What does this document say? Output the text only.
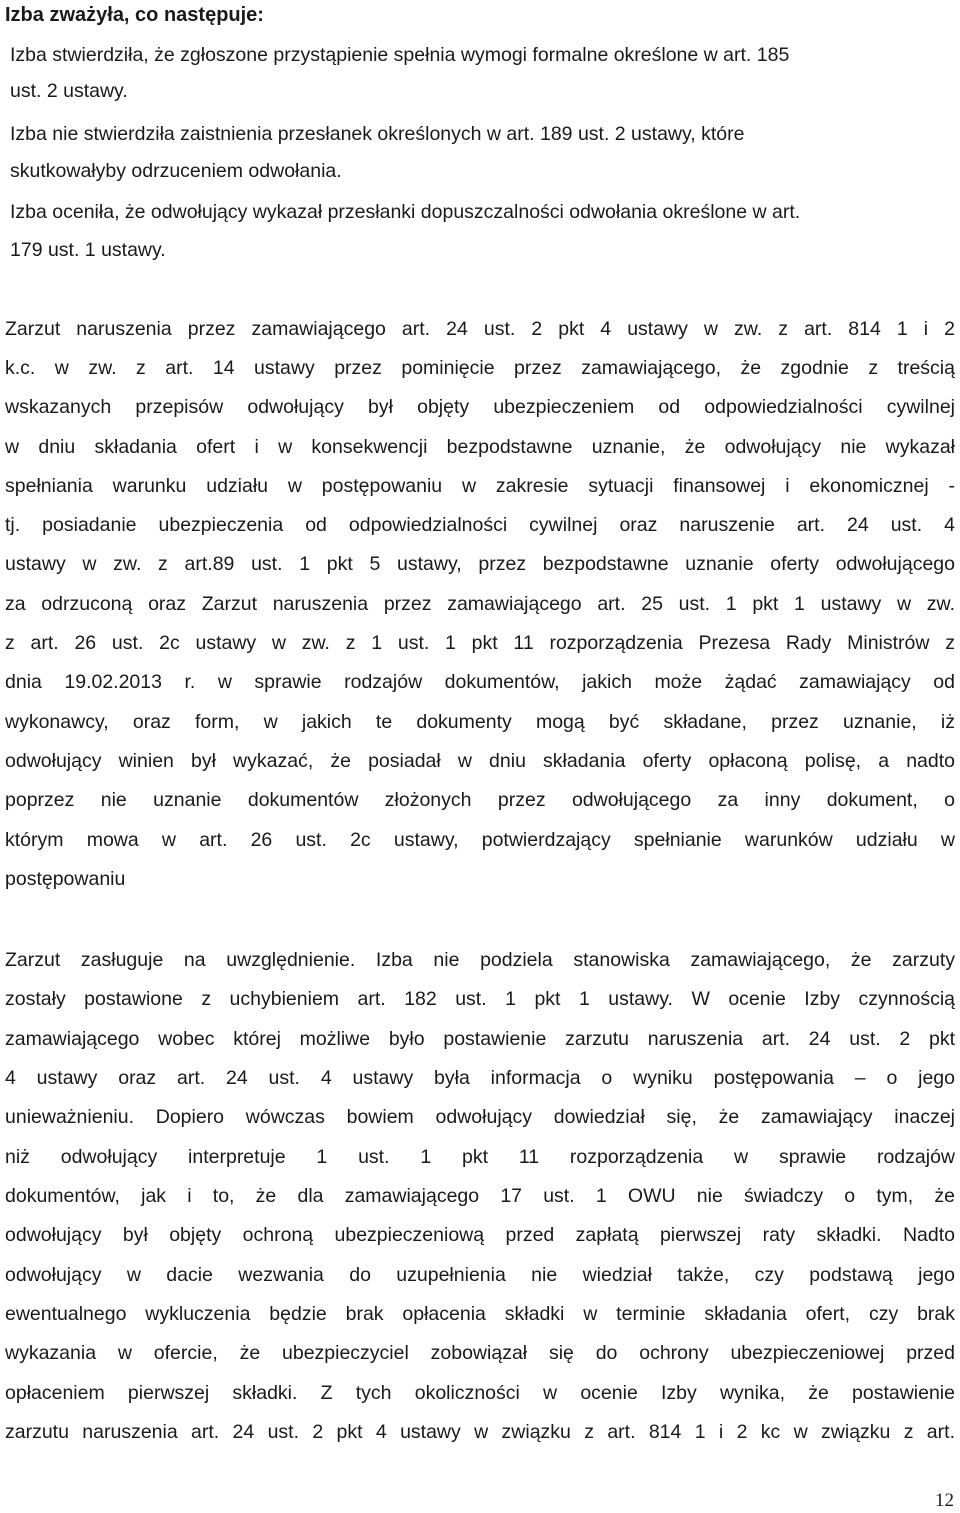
Izba zważyła, co następuje:
Izba stwierdziła, że zgłoszone przystąpienie spełnia wymogi formalne określone w art. 185
ust. 2 ustawy.
Izba nie stwierdziła zaistnienia przesłanek określonych w art. 189 ust. 2 ustawy, które
skutkowałyby odrzuceniem odwołania.
Izba oceniła, że odwołujący wykazał przesłanki dopuszczalności odwołania określone w art.
179 ust. 1 ustawy.
Zarzut naruszenia przez zamawiającego art. 24 ust. 2 pkt 4 ustawy w zw. z art. 814 1 i 2
k.c. w zw. z art. 14 ustawy przez pominięcie przez zamawiającego, że zgodnie z treścią
wskazanych przepisów odwołujący był objęty ubezpieczeniem od odpowiedzialności cywilnej
w dniu składania ofert i w konsekwencji bezpodstawne uznanie, że odwołujący nie wykazał
spełniania warunku udziału w postępowaniu w zakresie sytuacji finansowej i ekonomicznej -
tj. posiadanie ubezpieczenia od odpowiedzialności cywilnej oraz naruszenie art. 24 ust. 4
ustawy w zw. z art.89 ust. 1 pkt 5 ustawy, przez bezpodstawne uznanie oferty odwołującego
za odrzuconą oraz Zarzut naruszenia przez zamawiającego art. 25 ust. 1 pkt 1 ustawy w zw.
z art. 26 ust. 2c ustawy w zw. z 1 ust. 1 pkt 11 rozporządzenia Prezesa Rady Ministrów z
dnia 19.02.2013 r. w sprawie rodzajów dokumentów, jakich może żądać zamawiający od
wykonawcy, oraz form, w jakich te dokumenty mogą być składane, przez uznanie, iż
odwołujący winien był wykazać, że posiadał w dniu składania oferty opłaconą polisę, a nadto
poprzez nie uznanie dokumentów złożonych przez odwołującego za inny dokument, o
którym mowa w art. 26 ust. 2c ustawy, potwierdzający spełnianie warunków udziału w
postępowaniu
Zarzut zasługuje na uwzględnienie. Izba nie podziela stanowiska zamawiającego, że zarzuty
zostały postawione z uchybieniem art. 182 ust. 1 pkt 1 ustawy. W ocenie Izby czynnością
zamawiającego wobec której możliwe było postawienie zarzutu naruszenia art. 24 ust. 2 pkt
4 ustawy oraz art. 24 ust. 4 ustawy była informacja o wyniku postępowania – o jego
unieważnieniu. Dopiero wówczas bowiem odwołujący dowiedział się, że zamawiający inaczej
niż odwołujący interpretuje 1 ust. 1 pkt 11 rozporządzenia w sprawie rodzajów
dokumentów, jak i to, że dla zamawiającego 17 ust. 1 OWU nie świadczy o tym, że
odwołujący był objęty ochroną ubezpieczeniową przed zapłatą pierwszej raty składki. Nadto
odwołujący w dacie wezwania do uzupełnienia nie wiedział także, czy podstawą jego
ewentualnego wykluczenia będzie brak opłacenia składki w terminie składania ofert, czy brak
wykazania w ofercie, że ubezpieczyciel zobowiązał się do ochrony ubezpieczeniowej przed
opłaceniem pierwszej składki. Z tych okoliczności w ocenie Izby wynika, że postawienie
zarzutu naruszenia art. 24 ust. 2 pkt 4 ustawy w związku z art. 814 1 i 2 kc w związku z art.
12
